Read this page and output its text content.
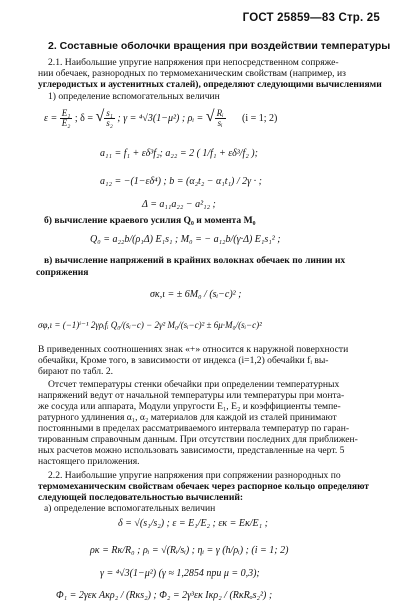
ГОСТ 25859—83 Стр. 25
2. Составные оболочки вращения при воздействии температуры
2.1. Наибольшие упругие напряжения при непосредственном сопряже-
нии обечаек, разнородных по термомеханическим свойствам (например, из
углеродистых и аустенитных сталей), определяют следующими вычислениями
1) определение вспомогательных величин
$\varepsilon = \frac{\text{E₁}}{\text{E₂}}$ ; δ = √ $\frac{\text{s₁}}{\text{s₂}}$ ; γ = ⁴√3(1−μ²) ; ρᵢ = √ $\frac{\text{Rᵢ}}{\text{sᵢ}} (i = 1$; 2)
a₁₁ = f₁ + εδ³f₂; a₂₂ = 2 ( 1/f₁ + εδ³/f₂ );
a₁₂ = −(1−εδ⁴) ; b = (α₂t₂ − α₁t₁) / 2γ · ;
Δ = a₁₁a₂₂ − a²₁₂ ;
б) вычисление краевого усилия Q₀ и момента M₀
Q₀ = a₂₂b/(ρ₁Δ) E₁s₁ ; M₀ = − a₁₂b/(γ·Δ) E₁s₁² ;
в) вычисление напряжений в крайних волокнах обечаек по линии их
сопряжения
σκ,ι = ± 6M₀ / (sᵢ−c)² ;
σφ,ι = (−1)ⁱ⁻¹ 2γρᵢfᵢ Q₀/(sᵢ−c) − 2γ² M₀/(sᵢ−c)² ± 6μ·M₀/(sᵢ−c)²
В приведенных соотношениях знак «+» относится к наружной поверхности
обечайки, Кроме того, в зависимости от индекса (i=1,2) обечайки fᵢ вы-
бирают по табл. 2.
Отсчет температуры стенки обечайки при определении температурных
напряжений ведут от начальной температуры или температуры при монта-
же сосуда или аппарата, Модули упругости E₁, E₂ и коэффициенты темпе-
ратурного удлинения α₁, α₂ материалов для каждой из сталей принимают
постоянными в пределах рассматриваемого интервала температур по гаран-
тированным справочным данным. При отсутствии последних для приближен-
ных расчетов можно использовать зависимости, представленные на черт. 5
настоящего приложения.
2.2. Наибольшие упругие напряжения при сопряжении разнородных по
термомеханическим свойствам обечаек через распорное кольцо определяют
следующей последовательностью вычислений:
а) определение вспомогательных величин
δ = √(s₁/s₂) ; ε = E₁/E₂ ; εκ = Eκ/E₁ ;
ρκ = Rκ/R₀ ; ρᵢ = √(Rᵢ/sᵢ) ; ηᵢ = γ (h/ρᵢ) ; (i = 1; 2)
γ = ⁴√3(1−μ²) (γ ≈ 1,2854 при μ = 0,3);
Φ₁ = 2γεκ Aκρ₂ / (Rκs₂) ; Φ₂ = 2γ³εκ Iκρ₂ / (RκRₒs₂²) ;
